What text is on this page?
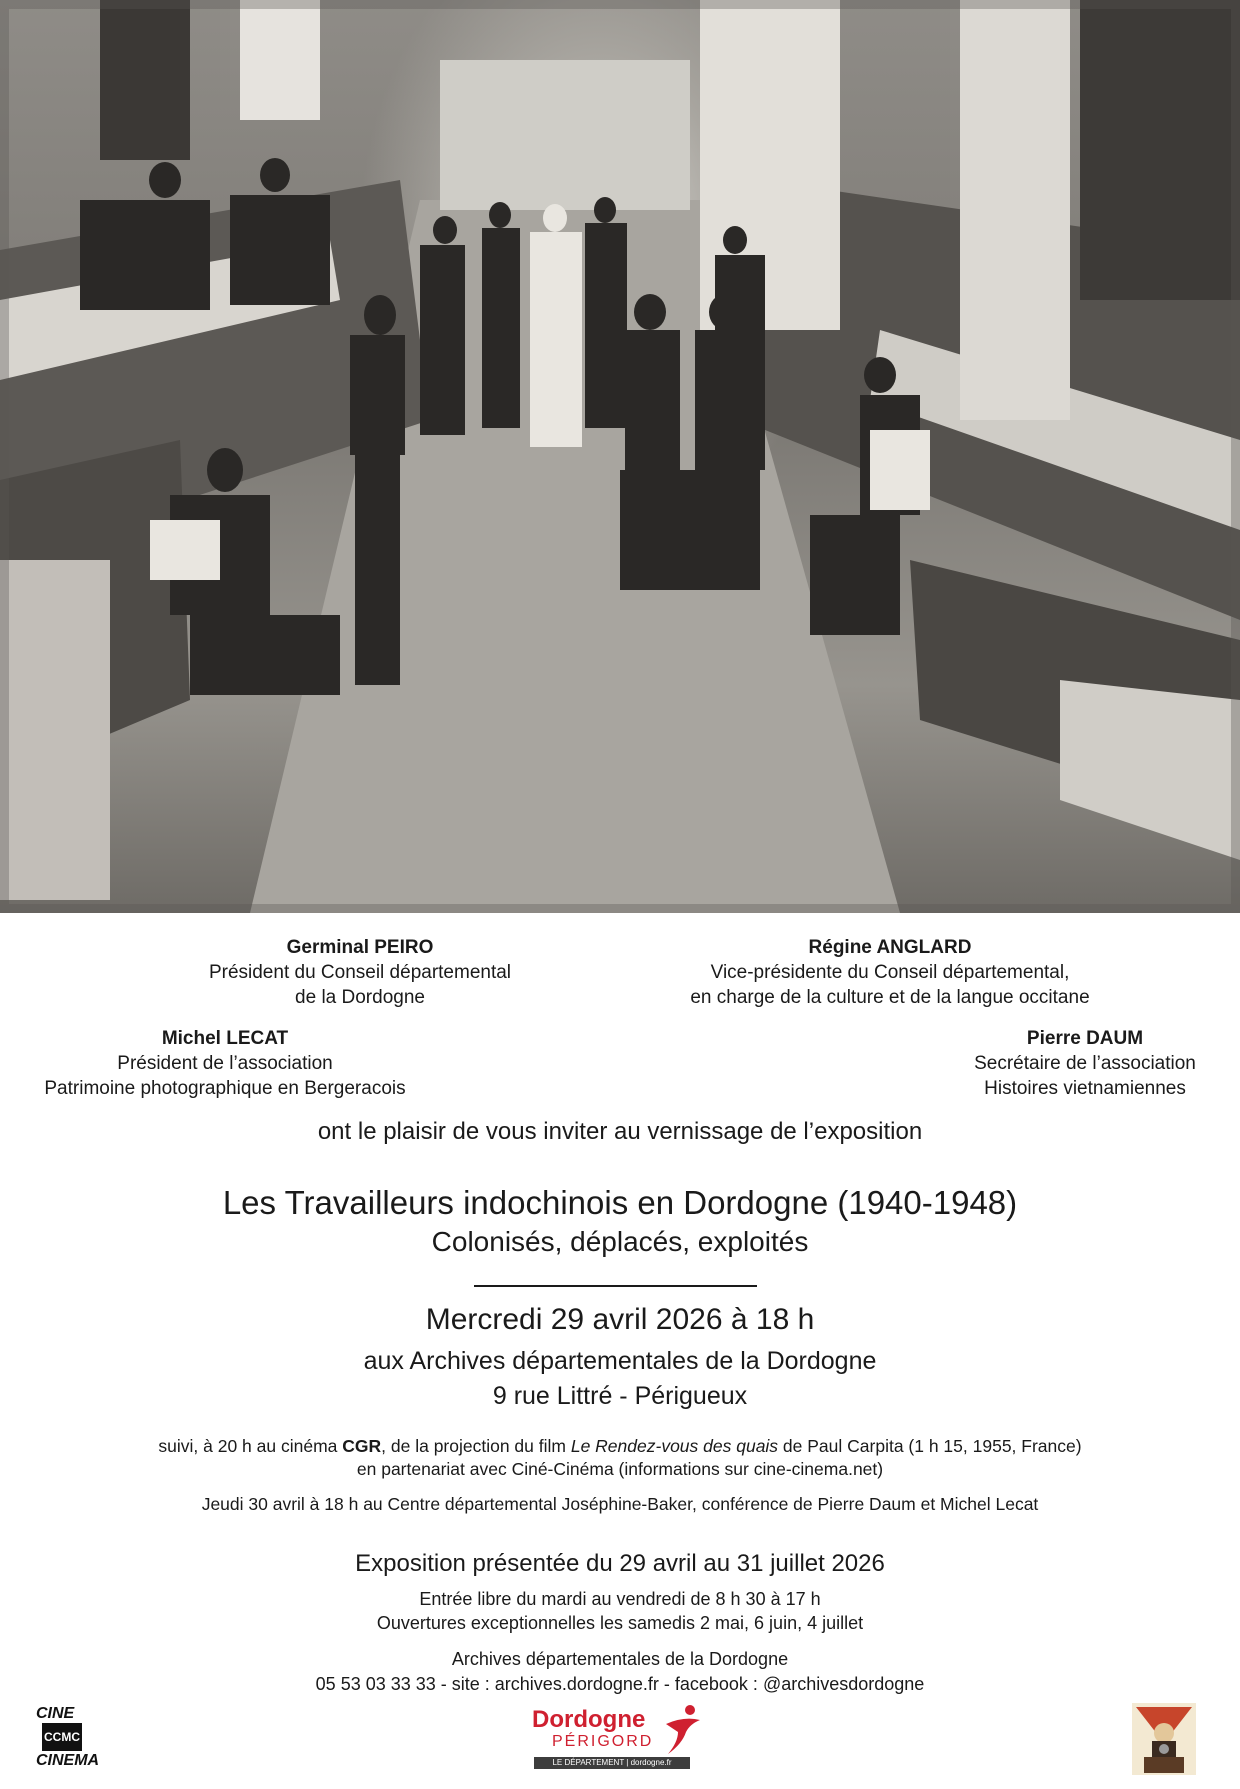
Germinal PEIRO
Président du Conseil départemental
de la Dordogne
Régine ANGLARD
Vice-présidente du Conseil départemental,
en charge de la culture et de la langue occitane
Michel LECAT
Président de l’association
Patrimoine photographique en Bergeracois
Pierre DAUM
Secrétaire de l’association
Histoires vietnamiennes
ont le plaisir de vous inviter au vernissage de l’exposition
Les Travailleurs indochinois en Dordogne (1940-1948)
Colonisés, déplacés, exploités
Mercredi 29 avril 2026 à 18 h
aux Archives départementales de la Dordogne
9 rue Littré - Périgueux
suivi, à 20 h au cinéma CGR, de la projection du film Le Rendez-vous des quais de Paul Carpita (1 h 15, 1955, France)
en partenariat avec Ciné-Cinéma (informations sur cine-cinema.net)
Jeudi 30 avril à 18 h au Centre départemental Joséphine-Baker, conférence de Pierre Daum et Michel Lecat
Exposition présentée du 29 avril au 31 juillet 2026
Entrée libre du mardi au vendredi de 8 h 30 à 17 h
Ouvertures exceptionnelles les samedis 2 mai, 6 juin, 4 juillet
Archives départementales de la Dordogne
05 53 03 33 33 - site : archives.dordogne.fr - facebook : @archivesdordogne
CINE
CCMC
CINEMA
Dordogne
PÉRIGORD
LE DÉPARTEMENT | dordogne.fr
